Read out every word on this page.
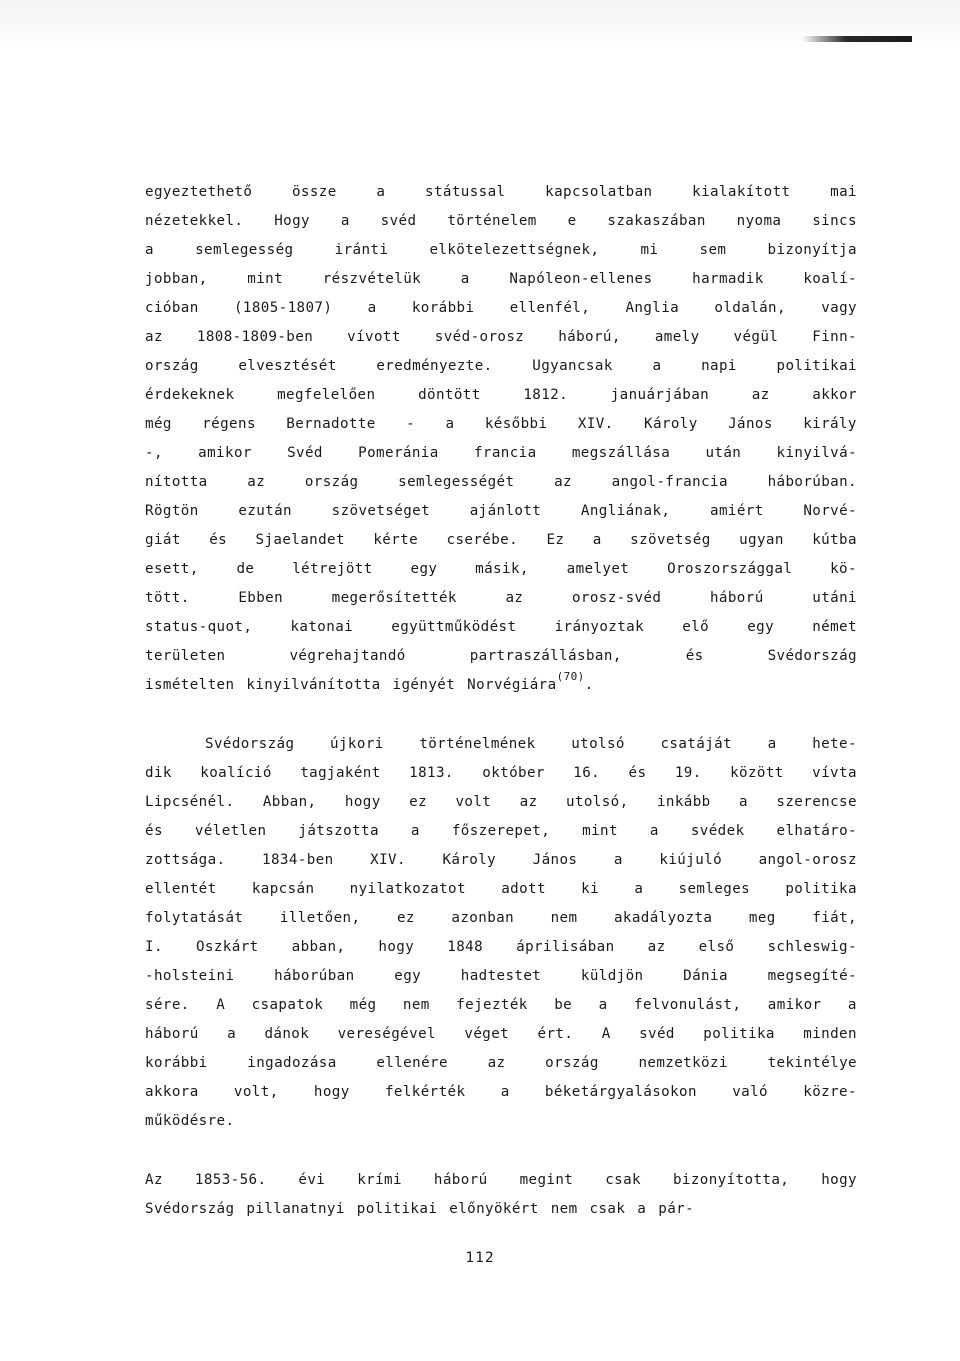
egyeztethető	össze	a	státussal	kapcsolatban	kialakított	mai
nézetekkel. Hogy a svéd történelem e szakaszában nyoma sincs
a	semlegesség	iránti	elkötelezettségnek,	mi	sem	bizonyítja
jobban,	mint	részvételük	a	Napóleon-ellenes	harmadik	koalí-
cióban (1805-1807) a korábbi ellenfél, Anglia oldalán, vagy
az 1808-1809-ben vívott svéd-orosz háború, amely végül Finn-
ország	elvesztését	eredményezte.	Ugyancsak	a	napi	politikai
érdekeknek	megfelelően	döntött	1812.	januárjában	az	akkor
még régens Bernadotte - a későbbi XIV. Károly János király
-, amikor Svéd Pomeránia francia megszállása után kinyilvá-
nította	az	ország	semlegességét	az	angol-francia	háborúban.
Rögtön	ezután	szövetséget	ajánlott	Angliának,	amiért	Norvé-
giát és Sjaelandet kérte cserébe. Ez a szövetség ugyan kútba
esett,	de	létrejött	egy	másik,	amelyet	Oroszországgal	kö-
tött.	Ebben	megerősítették	az	orosz-svéd	háború	utáni
status-quot,	katonai	együttműködést	irányoztak	elő	egy	német
területen	végrehajtandó	partraszállásban,	és	Svédország
ismételten kinyilvánította igényét Norvégiára$^{(70)}$.
Svédország	újkori	történelmének	utolsó	csatáját	a	hete-
dik koalíció tagjaként 1813. október 16. és 19. között vívta
Lipcsénél. Abban, hogy ez volt az utolsó, inkább a szerencse
és véletlen játszotta a főszerepet, mint a svédek elhatáro-
zottsága.	1834-ben	XIV.	Károly	János	a	kiújuló	angol-orosz
ellentét kapcsán nyilatkozatot adott ki a semleges politika
folytatását	illetően,	ez	azonban	nem	akadályozta	meg	fiát,
I. Oszkárt abban, hogy 1848 áprilisában az első schleswig-
-holsteini	háborúban	egy	hadtestet	küldjön	Dánia	megsegíté-
sére. A csapatok még nem fejezték be a felvonulást, amikor a
háború a dánok vereségével véget ért. A svéd politika minden
korábbi	ingadozása	ellenére	az	ország	nemzetközi	tekintélye
akkora volt, hogy felkérték a béketárgyalásokon való közre-
működésre.
Az 1853-56. évi krími háború megint csak bizonyította, hogy
Svédország pillanatnyi politikai előnyökért nem csak a pár-
112
